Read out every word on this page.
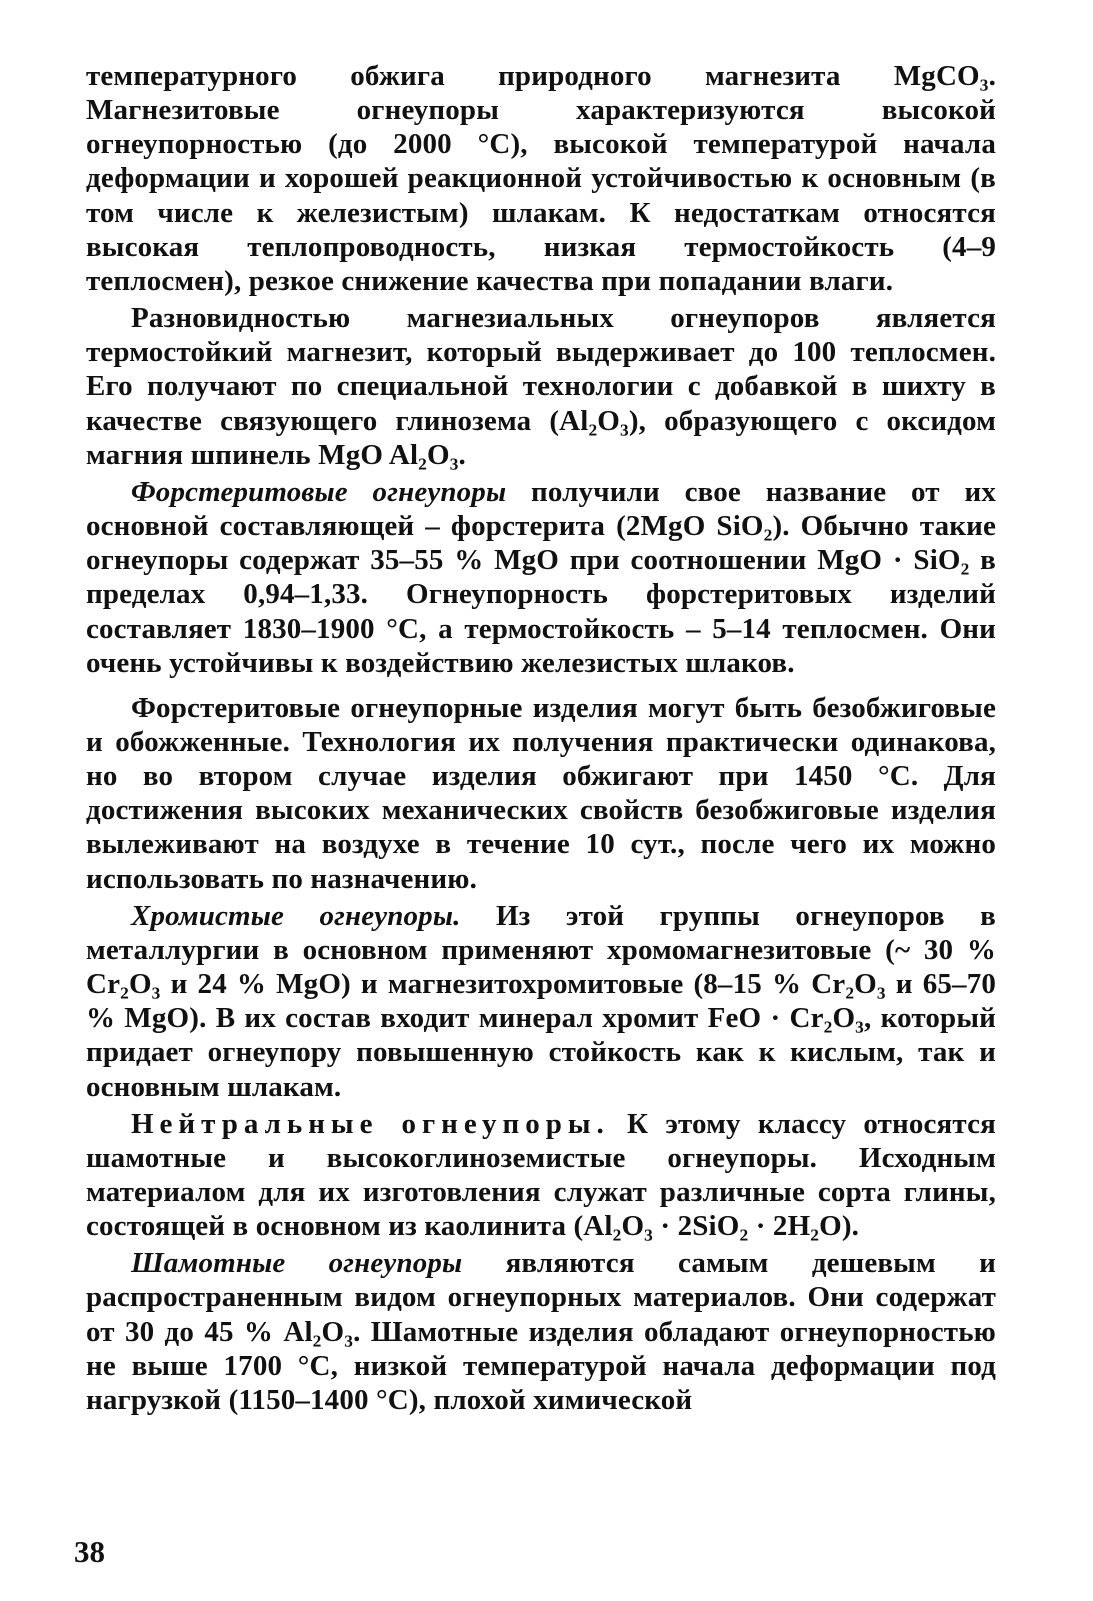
температурного обжига природного магнезита MgCO₃. Магнезитовые огнеупоры характеризуются высокой огнеупорностью (до 2000 °С), высокой температурой начала деформации и хорошей реакционной устойчивостью к основным (в том числе к железистым) шлакам. К недостаткам относятся высокая теплопроводность, низкая термостойкость (4–9 теплосмен), резкое снижение качества при попадании влаги.

Разновидностью магнезиальных огнеупоров является термостойкий магнезит, который выдерживает до 100 теплосмен. Его получают по специальной технологии с добавкой в шихту в качестве связующего глинозема (Al₂O₃), образующего с оксидом магния шпинель MgO Al₂O₃.

Форстеритовые огнеупоры получили свое название от их основной составляющей – форстерита (2MgO SiO₂). Обычно такие огнеупоры содержат 35–55 % MgO при соотношении MgO · SiO₂ в пределах 0,94–1,33. Огнеупорность форстеритовых изделий составляет 1830–1900 °С, а термостойкость – 5–14 теплосмен. Они очень устойчивы к воздействию железистых шлаков.

Форстеритовые огнеупорные изделия могут быть безобжиговые и обожженные. Технология их получения практически одинакова, но во втором случае изделия обжигают при 1450 °С. Для достижения высоких механических свойств безобжиговые изделия вылеживают на воздухе в течение 10 сут., после чего их можно использовать по назначению.

Хромистые огнеупоры. Из этой группы огнеупоров в металлургии в основном применяют хромомагнезитовые (~ 30 % Cr₂O₃ и 24 % MgO) и магнезитохромитовые (8–15 % Cr₂O₃ и 65–70 % MgO). В их состав входит минерал хромит FeO · Cr₂O₃, который придает огнеупору повышенную стойкость как к кислым, так и основным шлакам.

Нейтральные огнеупоры. К этому классу относятся шамотные и высокоглиноземистые огнеупоры. Исходным материалом для их изготовления служат различные сорта глины, состоящей в основном из каолинита (Al₂O₃ · 2SiO₂ · 2H₂O).

Шамотные огнеупоры являются самым дешевым и распространенным видом огнеупорных материалов. Они содержат от 30 до 45 % Al₂O₃. Шамотные изделия обладают огнеупорностью не выше 1700 °С, низкой температурой начала деформации под нагрузкой (1150–1400 °С), плохой химической

38
